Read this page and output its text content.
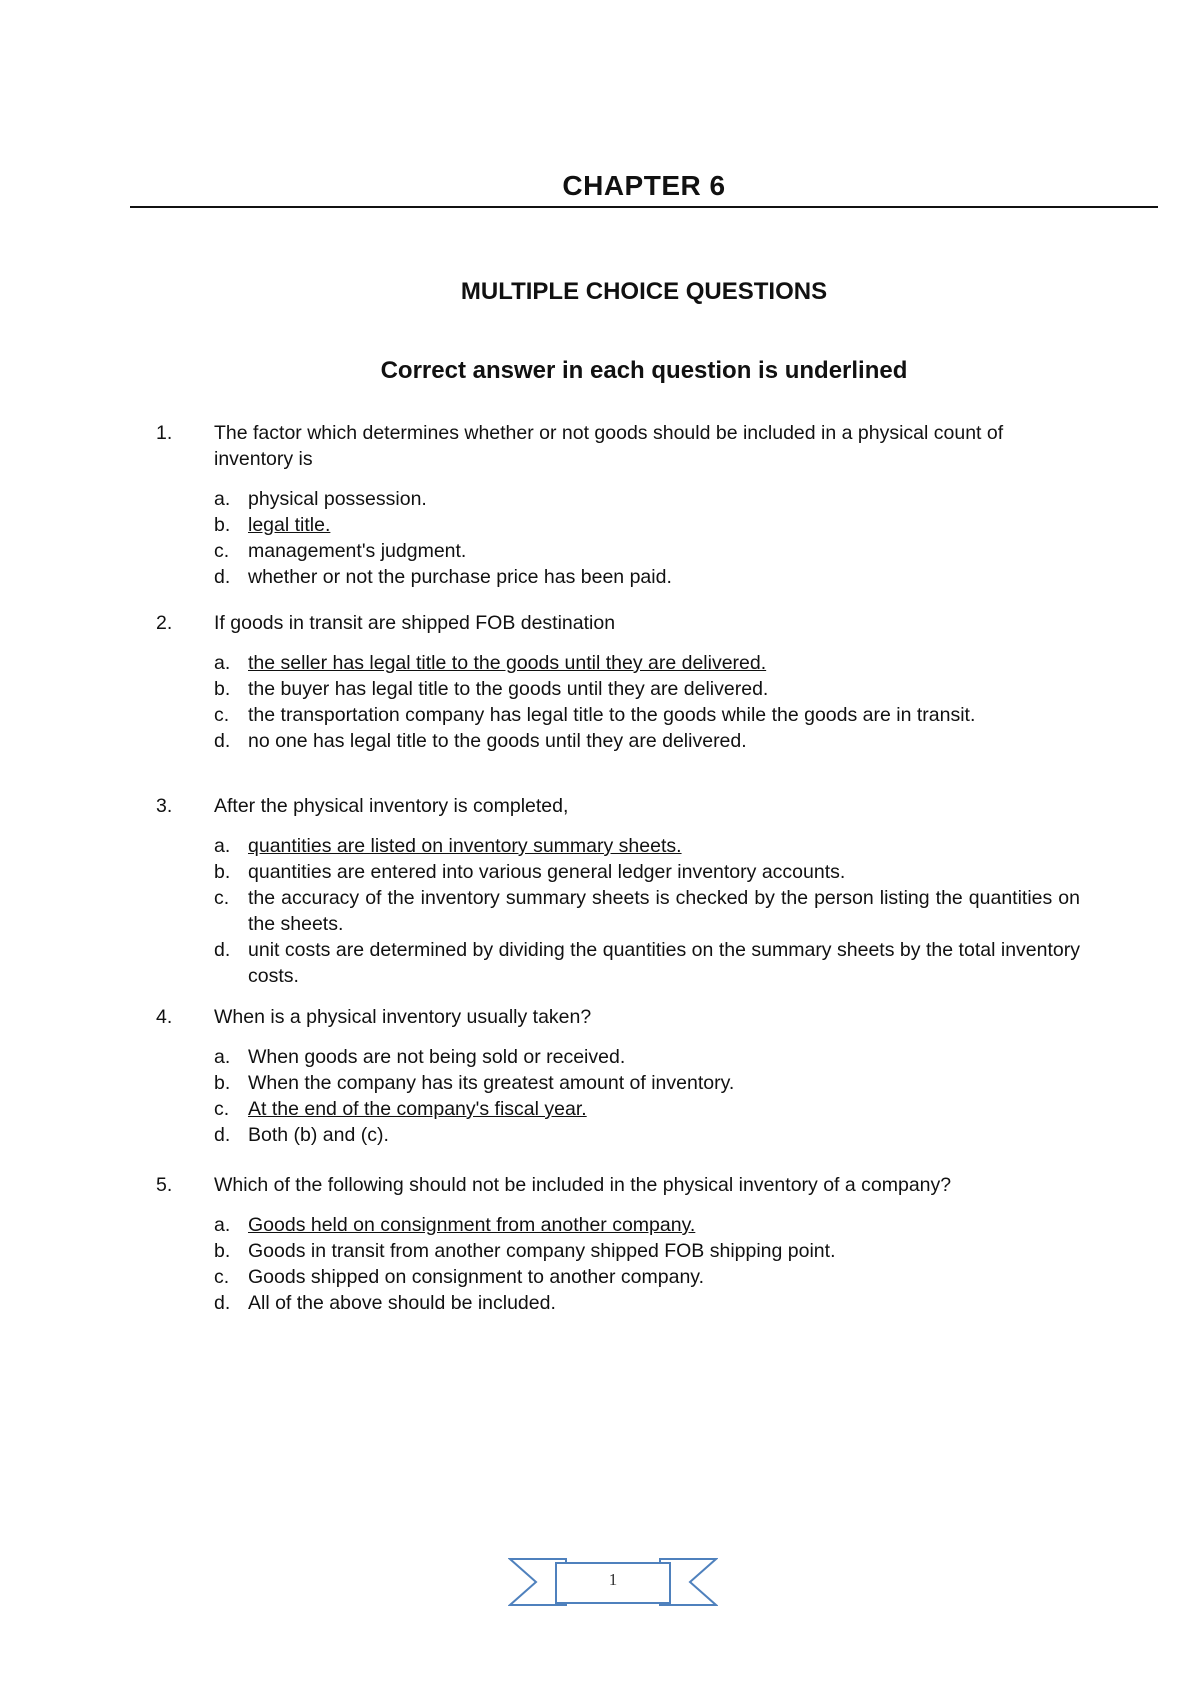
CHAPTER 6
MULTIPLE CHOICE QUESTIONS
Correct answer in each question is underlined
1. The factor which determines whether or not goods should be included in a physical count of inventory is
a. physical possession.
b. legal title.
c. management's judgment.
d. whether or not the purchase price has been paid.
2. If goods in transit are shipped FOB destination
a. the seller has legal title to the goods until they are delivered.
b. the buyer has legal title to the goods until they are delivered.
c. the transportation company has legal title to the goods while the goods are in transit.
d. no one has legal title to the goods until they are delivered.
3. After the physical inventory is completed,
a. quantities are listed on inventory summary sheets.
b. quantities are entered into various general ledger inventory accounts.
c. the accuracy of the inventory summary sheets is checked by the person listing the quantities on the sheets.
d. unit costs are determined by dividing the quantities on the summary sheets by the total inventory costs.
4. When is a physical inventory usually taken?
a. When goods are not being sold or received.
b. When the company has its greatest amount of inventory.
c. At the end of the company's fiscal year.
d. Both (b) and (c).
5. Which of the following should not be included in the physical inventory of a company?
a. Goods held on consignment from another company.
b. Goods in transit from another company shipped FOB shipping point.
c. Goods shipped on consignment to another company.
d. All of the above should be included.
1
